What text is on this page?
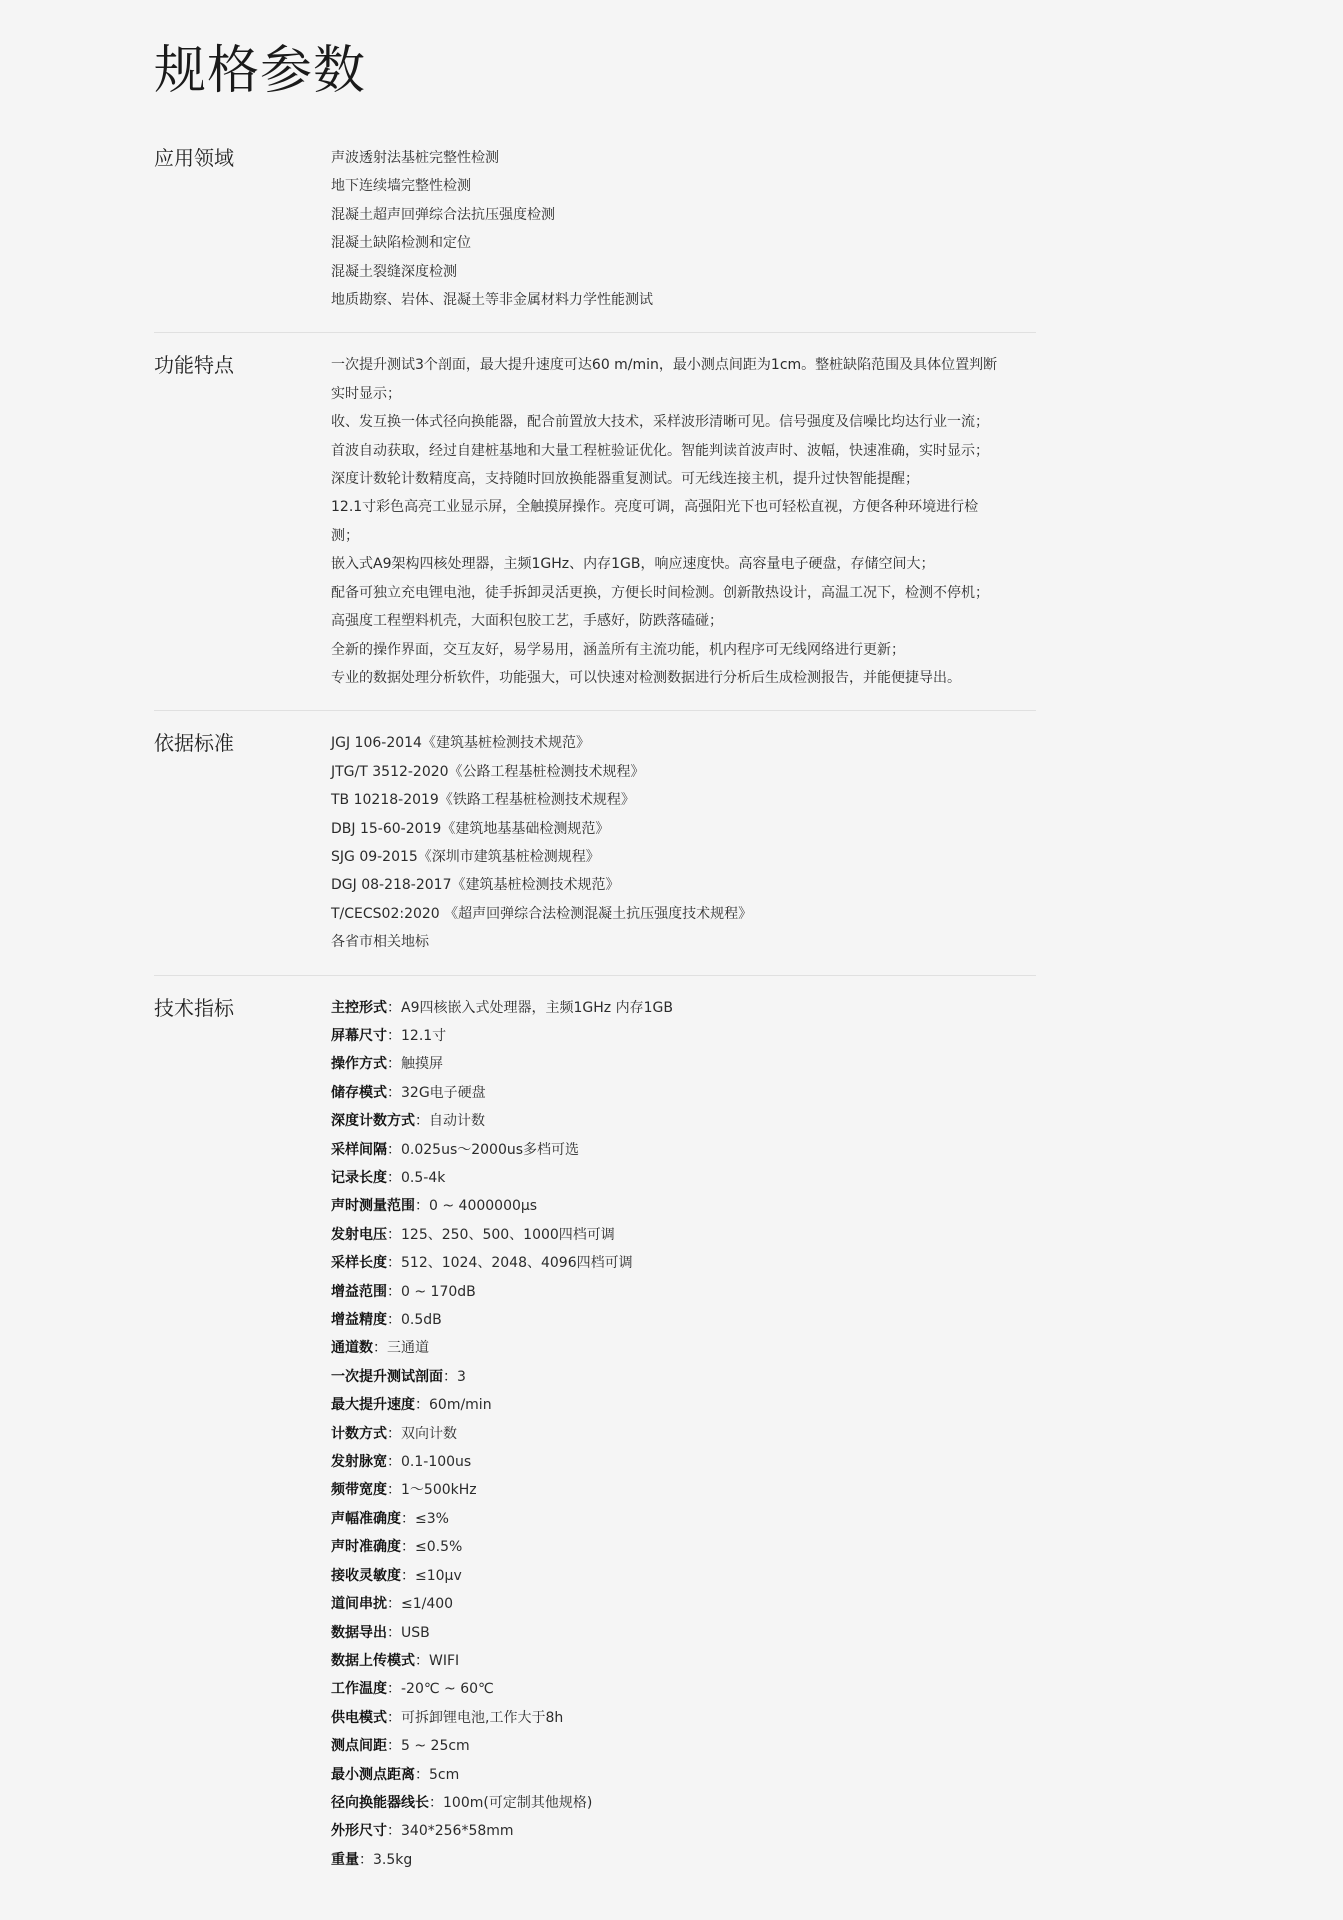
规格参数
应用领域	声波透射法基桩完整性检测
地下连续墙完整性检测
混凝土超声回弹综合法抗压强度检测
混凝土缺陷检测和定位
混凝土裂缝深度检测
地质勘察、岩体、混凝土等非金属材料力学性能测试
功能特点	一次提升测试3个剖面，最大提升速度可达60 m/min，最小测点间距为1cm。整桩缺陷范围及具体位置判断
实时显示；
收、发互换一体式径向换能器，配合前置放大技术，采样波形清晰可见。信号强度及信噪比均达行业一流；
首波自动获取，经过自建桩基地和大量工程桩验证优化。智能判读首波声时、波幅，快速准确，实时显示；
深度计数轮计数精度高，支持随时回放换能器重复测试。可无线连接主机，提升过快智能提醒；
12.1寸彩色高亮工业显示屏，全触摸屏操作。亮度可调，高强阳光下也可轻松直视，方便各种环境进行检
测；
嵌入式A9架构四核处理器，主频1GHz、内存1GB，响应速度快。高容量电子硬盘，存储空间大；
配备可独立充电锂电池，徒手拆卸灵活更换，方便长时间检测。创新散热设计，高温工况下，检测不停机；
高强度工程塑料机壳，大面积包胶工艺，手感好，防跌落磕碰；
全新的操作界面，交互友好，易学易用，涵盖所有主流功能，机内程序可无线网络进行更新；
专业的数据处理分析软件，功能强大，可以快速对检测数据进行分析后生成检测报告，并能便捷导出。
依据标准	JGJ 106-2014《建筑基桩检测技术规范》
JTG/T 3512-2020《公路工程基桩检测技术规程》
TB 10218-2019《铁路工程基桩检测技术规程》
DBJ 15-60-2019《建筑地基基础检测规范》
SJG 09-2015《深圳市建筑基桩检测规程》
DGJ 08-218-2017《建筑基桩检测技术规范》
T/CECS02:2020 《超声回弹综合法检测混凝土抗压强度技术规程》
各省市相关地标
技术指标	主控形式：A9四核嵌入式处理器，主频1GHz 内存1GB
屏幕尺寸：12.1寸
操作方式：触摸屏
储存模式：32G电子硬盘
深度计数方式：自动计数
采样间隔：0.025us～2000us多档可选
记录长度：0.5-4k
声时测量范围：0 ~ 4000000μs
发射电压：125、250、500、1000四档可调
采样长度：512、1024、2048、4096四档可调
增益范围：0 ~ 170dB
增益精度：0.5dB
通道数：三通道
一次提升测试剖面：3
最大提升速度：60m/min
计数方式：双向计数
发射脉宽：0.1-100us
频带宽度：1～500kHz
声幅准确度：≤3%
声时准确度：≤0.5%
接收灵敏度：≤10μv
道间串扰：≤1/400
数据导出：USB
数据上传模式：WIFI
工作温度：-20℃ ~ 60℃
供电模式：可拆卸锂电池,工作大于8h
测点间距：5 ~ 25cm
最小测点距离：5cm
径向换能器线长：100m(可定制其他规格)
外形尺寸：340*256*58mm
重量：3.5kg
